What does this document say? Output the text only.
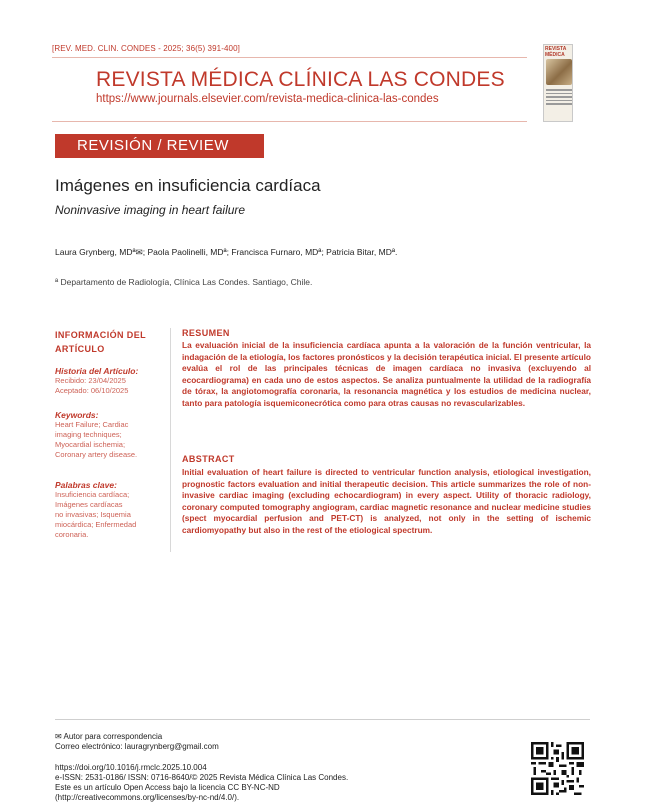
[REV. MED. CLIN. CONDES - 2025; 36(5) 391-400]
REVISTA MÉDICA CLÍNICA LAS CONDES
https://www.journals.elsevier.com/revista-medica-clinica-las-condes
REVISTA MÉDICA
REVISIÓN / REVIEW
Imágenes en insuficiencia cardíaca
Noninvasive imaging in heart failure
Laura Grynberg, MDª✉; Paola Paolinelli, MDª; Francisca Furnaro, MDª; Patricia Bitar, MDª.
ª Departamento de Radiología, Clínica Las Condes. Santiago, Chile.
INFORMACIÓN DEL
ARTÍCULO
Historia del Artículo:
Recibido: 23/04/2025
Aceptado: 06/10/2025
Keywords:
Heart Failure; Cardiac
imaging techniques;
Myocardial ischemia;
Coronary artery disease.
Palabras clave:
Insuficiencia cardíaca;
Imágenes cardíacas
no invasivas; Isquemia
miocárdica; Enfermedad
coronaria.
RESUMEN
La evaluación inicial de la insuficiencia cardíaca apunta a la valoración de la función ventricular, la indagación de la etiología, los factores pronósticos y la decisión terapéutica inicial. El presente artículo evalúa el rol de las principales técnicas de imagen cardíaca no invasiva (excluyendo al ecocardiograma) en cada uno de estos aspectos. Se analiza puntualmente la utilidad de la radiografía de tórax, la angiotomografía coronaria, la resonancia magnética y los estudios de medicina nuclear, tanto para patología isquemiconecrótica como para otras causas no revascularizables.
ABSTRACT
Initial evaluation of heart failure is directed to ventricular function analysis, etiological investigation, prognostic factors evaluation and initial therapeutic decision. This article summarizes the role of non-invasive cardiac imaging (excluding echocardiogram) in every aspect. Utility of thoracic radiology, coronary computed tomography angiogram, cardiac magnetic resonance and nuclear medicine studies (spect myocardial perfusion and PET-CT) is analyzed, not only in the setting of ischemic cardiomyopathy but also in the rest of the etiological spectrum.
✉ Autor para correspondencia
Correo electrónico: lauragrynberg@gmail.com
https://doi.org/10.1016/j.rmclc.2025.10.004
e-ISSN: 2531-0186/ ISSN: 0716-8640/© 2025 Revista Médica Clínica Las Condes.
Este es un artículo Open Access bajo la licencia CC BY-NC-ND
(http://creativecommons.org/licenses/by-nc-nd/4.0/).
